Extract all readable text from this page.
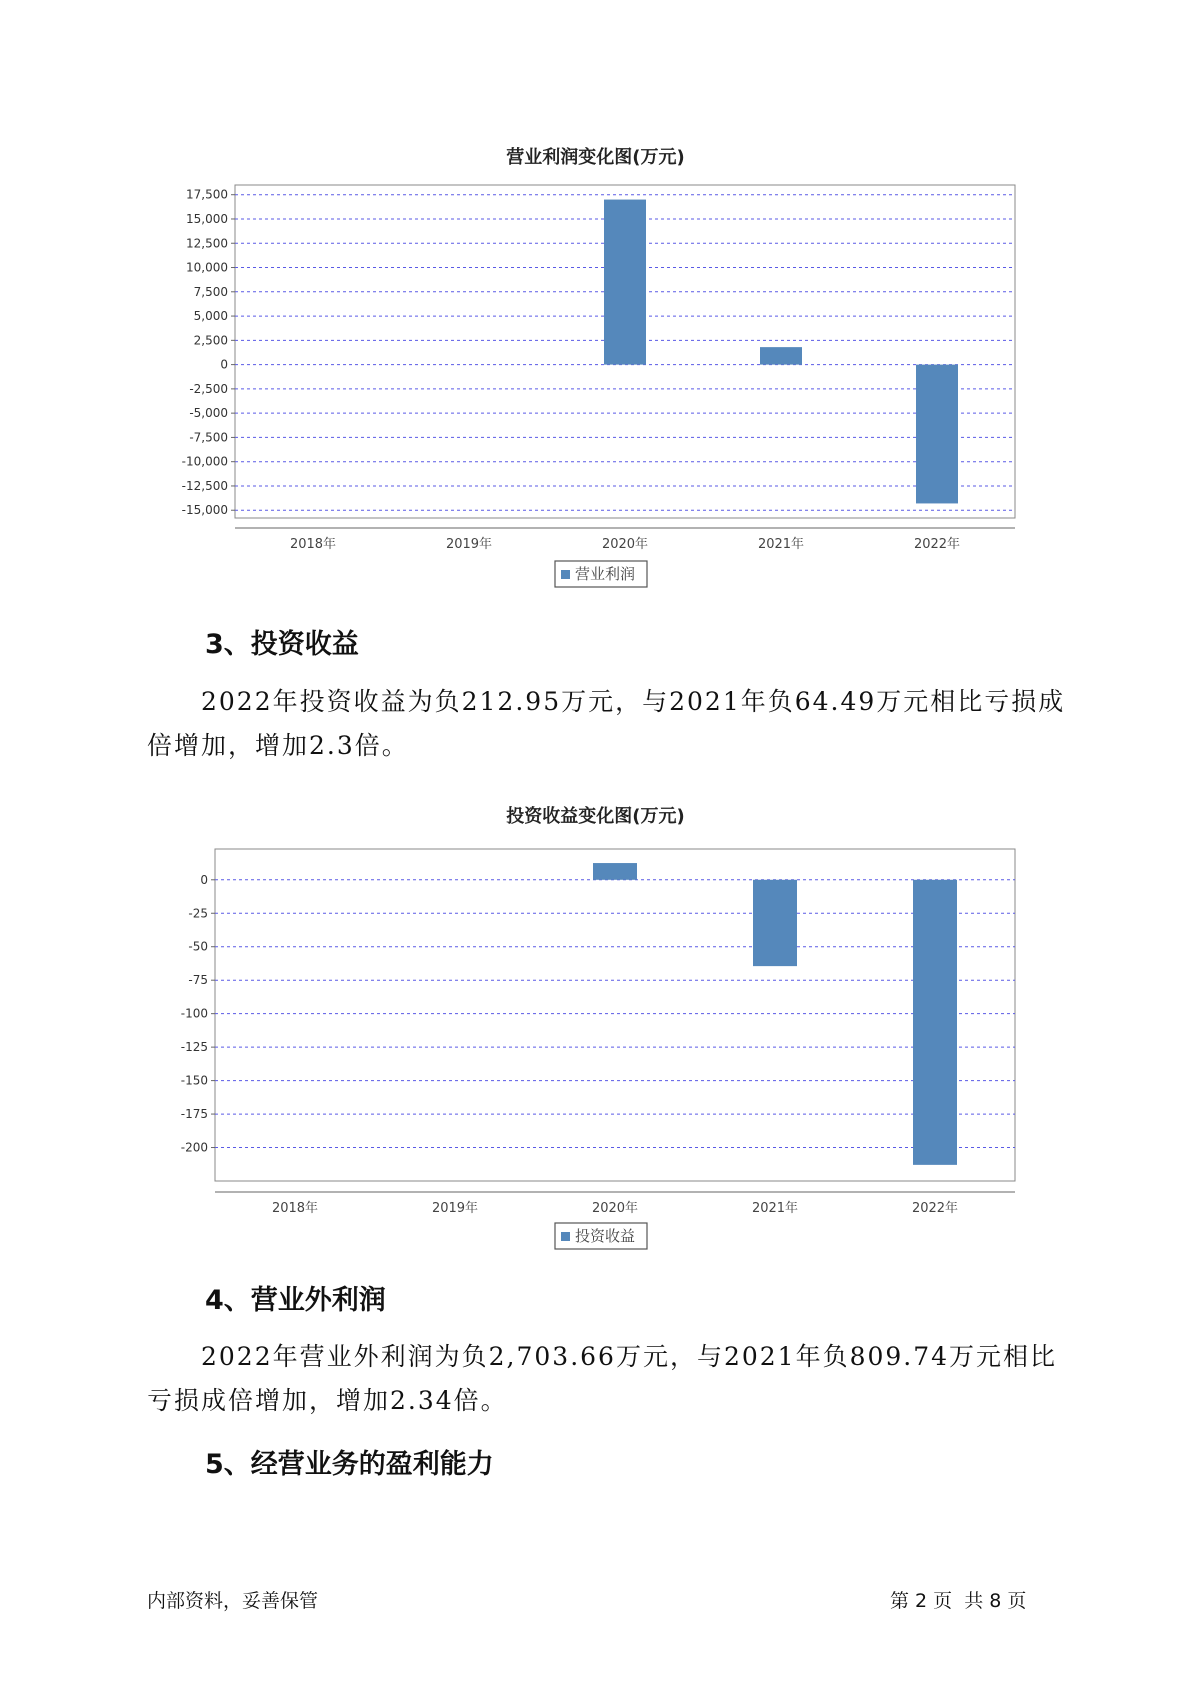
营业利润变化图(万元)
17,500
15,000
12,500
10,000
7,500
5,000
2,500
0
-2,500
-5,000
-7,500
-10,000
-12,500
-15,000
2018年	2019年	2020年	2021年	2022年
营业利润
3、投资收益
2022年投资收益为负212.95万元，与2021年负64.49万元相比亏损成倍增加，增加2.3倍。
投资收益变化图(万元)
0
-25
-50
-75
-100
-125
-150
-175
-200
2018年	2019年	2020年	2021年	2022年
投资收益
4、营业外利润
2022年营业外利润为负2,703.66万元，与2021年负809.74万元相比亏损成倍增加，增加2.34倍。
5、经营业务的盈利能力
内部资料，妥善保管	第 2 页  共 8 页
